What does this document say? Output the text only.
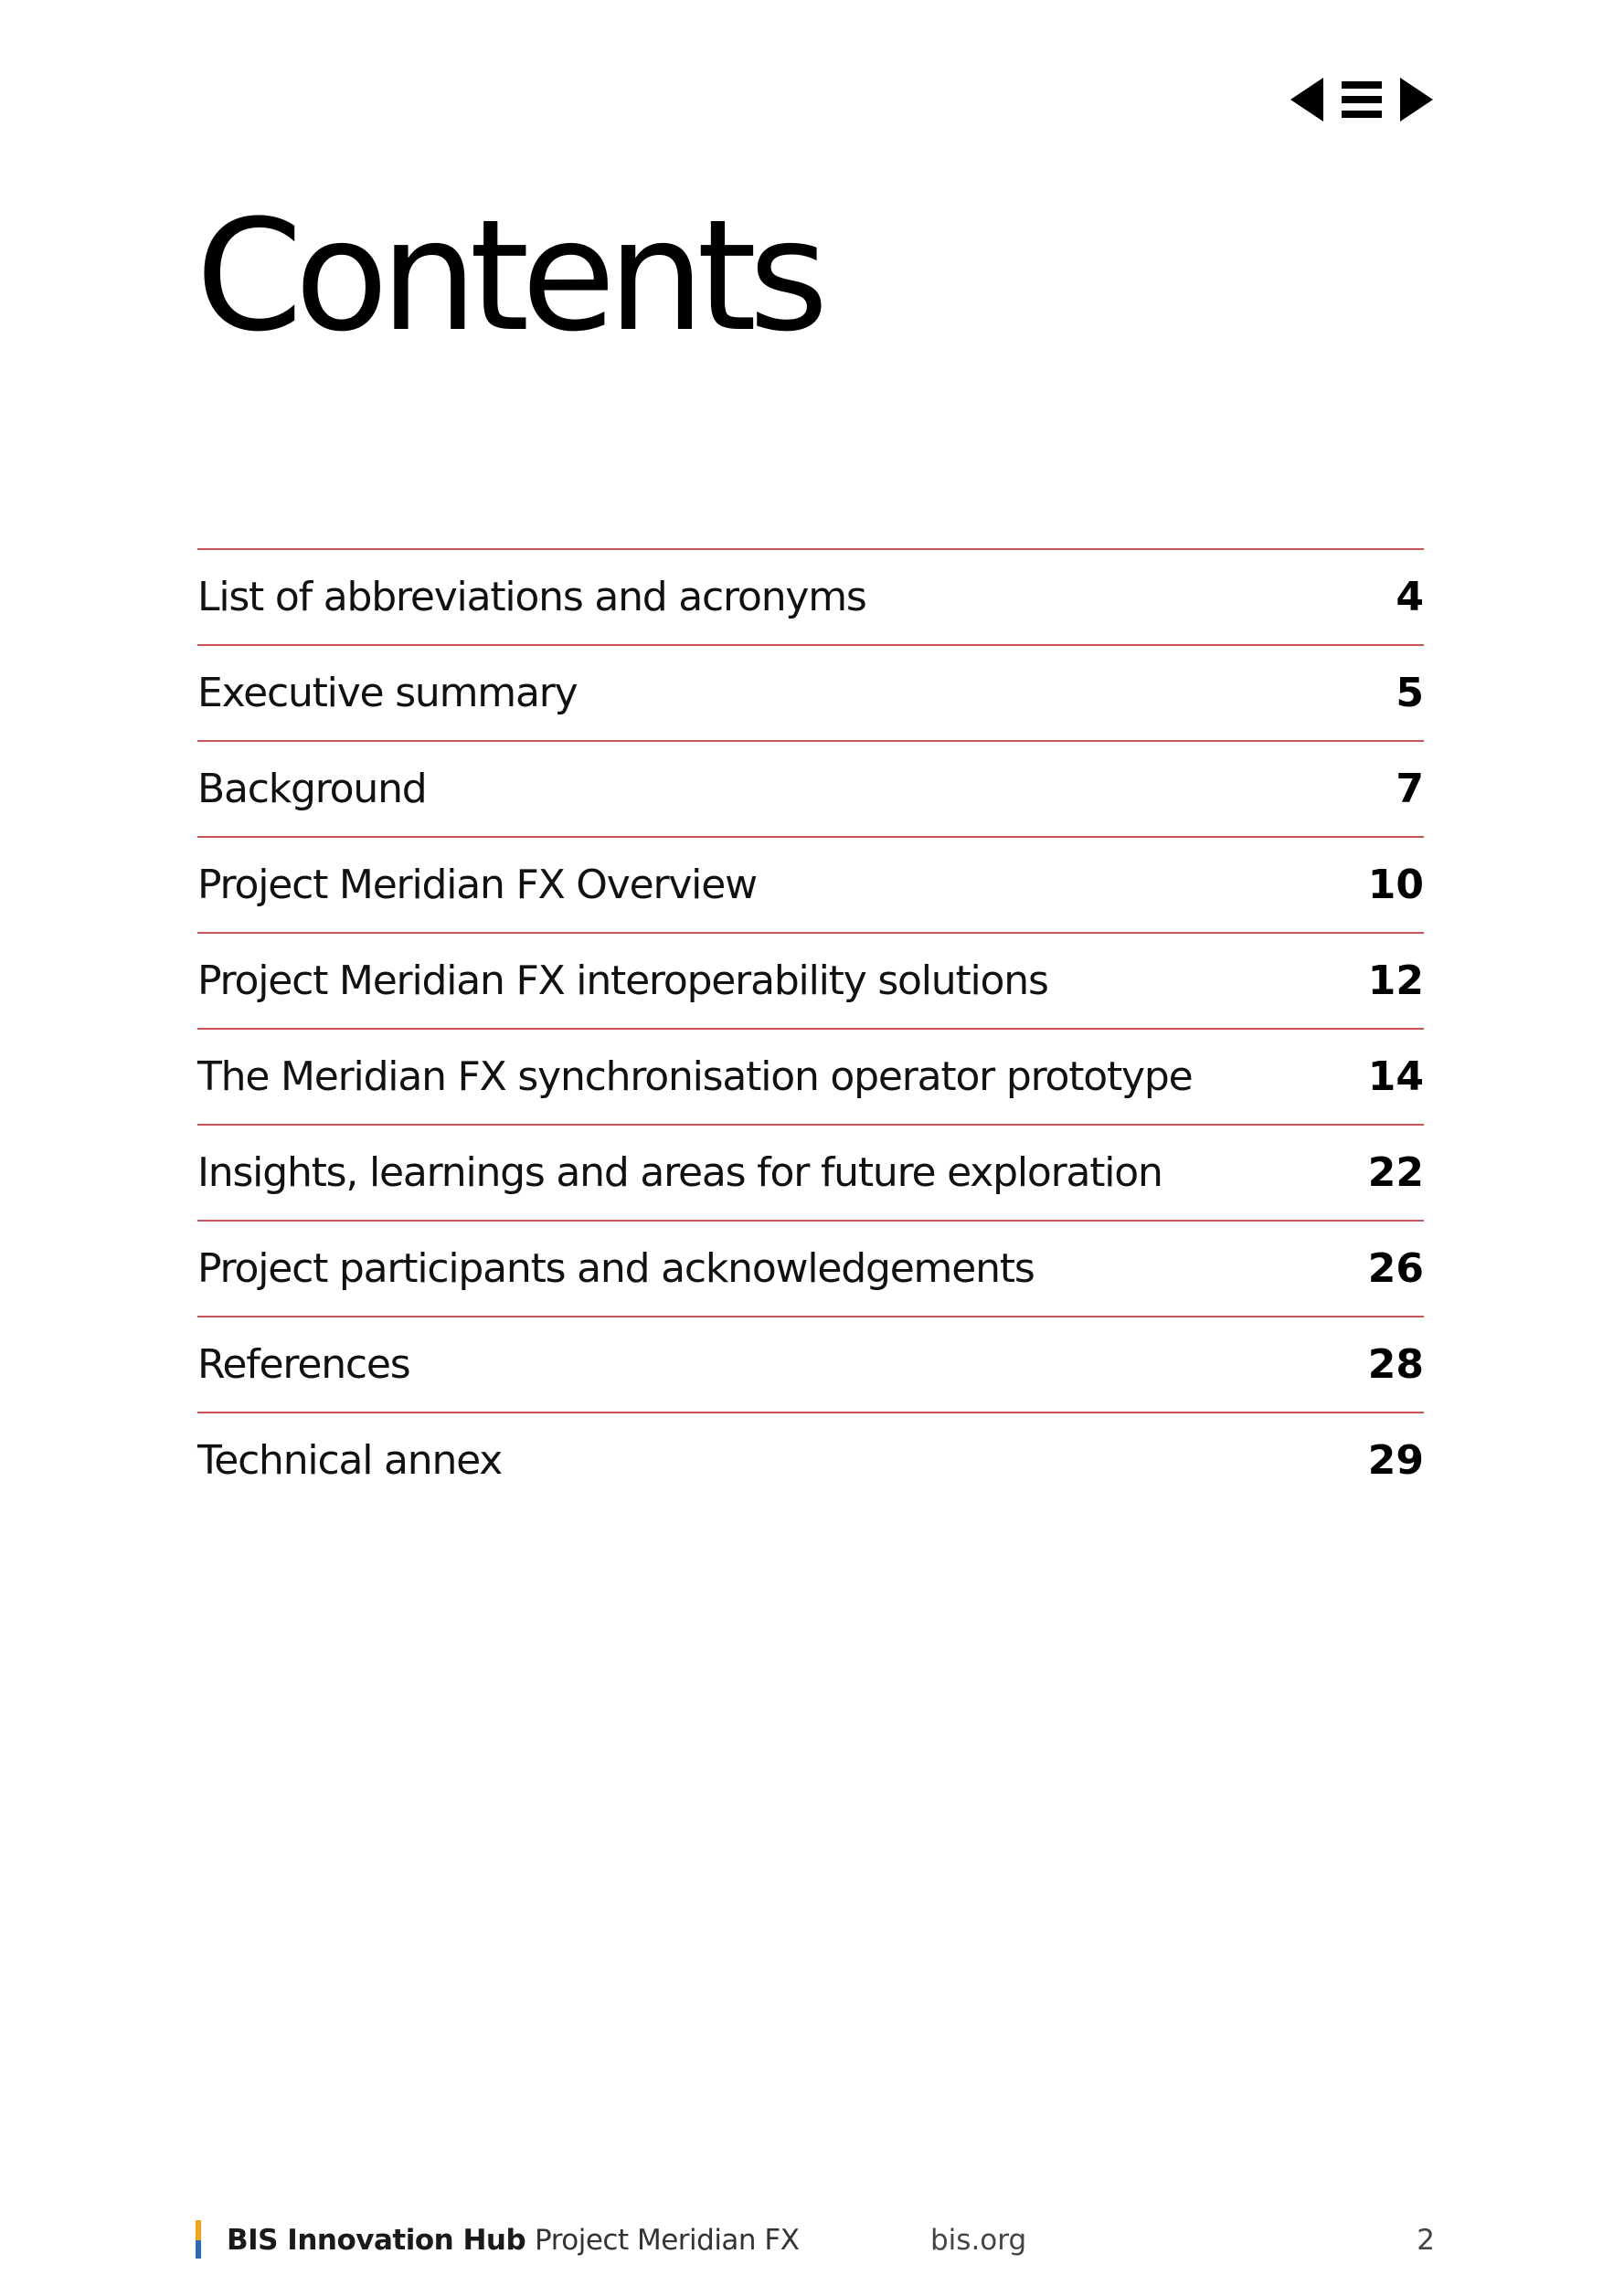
Contents
List of abbreviations and acronyms	4
Executive summary	5
Background	7
Project Meridian FX Overview	10
Project Meridian FX interoperability solutions	12
The Meridian FX synchronisation operator prototype	14
Insights, learnings and areas for future exploration	22
Project participants and acknowledgements	26
References	28
Technical annex	29
BIS Innovation Hub Project Meridian FX	bis.org	2
